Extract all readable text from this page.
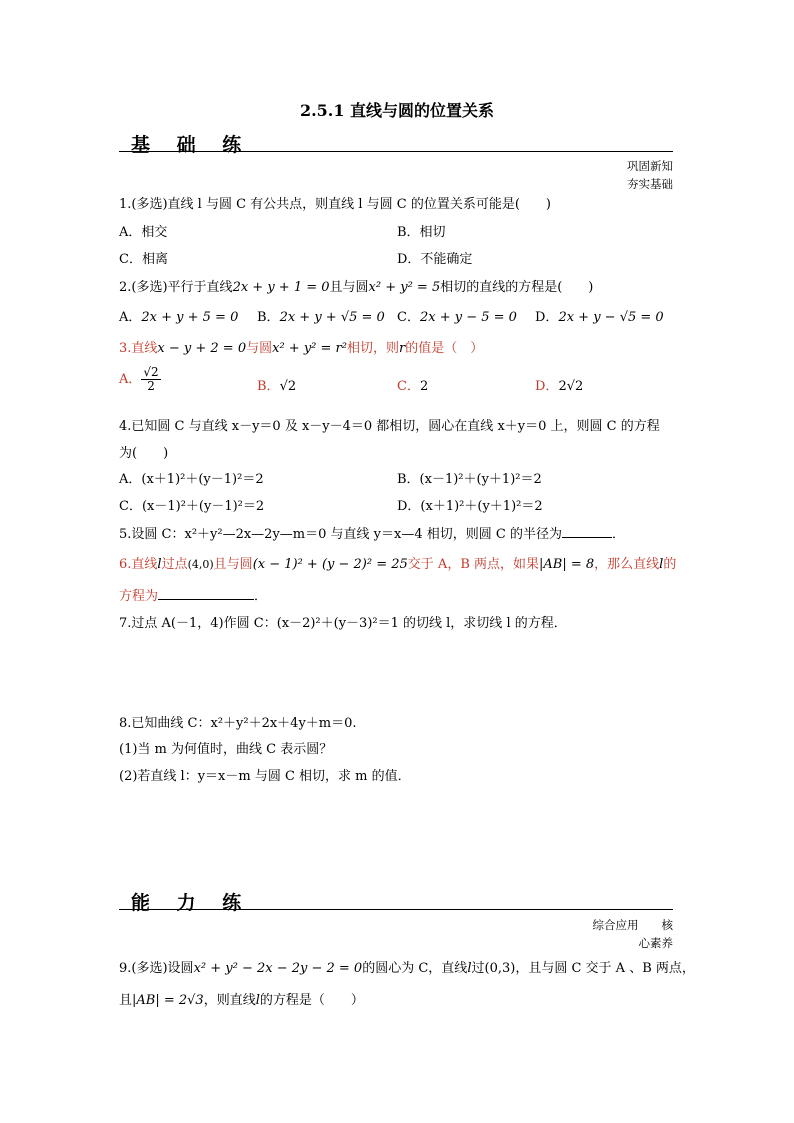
2.5.1 直线与圆的位置关系
基 础 练
巩固新知
夯实基础
1.(多选)直线 l 与圆 C 有公共点，则直线 l 与圆 C 的位置关系可能是(　　)
A．相交	B．相切
C．相离	D．不能确定
2.(多选)平行于直线2x + y + 1 = 0且与圆x² + y² = 5相切的直线的方程是(　　)
A．2x + y + 5 = 0 B．2x + y + √5 = 0 C．2x + y − 5 = 0 D．2x + y − √5 = 0
3.直线x − y + 2 = 0与圆x² + y² = r²相切，则r的值是（　）
A． $\frac{√2}{2}$	B．√2	C．2	D．2√2
4.已知圆 C 与直线 x－y＝0 及 x－y－4＝0 都相切，圆心在直线 x＋y＝0 上，则圆 C 的方程
为(　　)
A．(x＋1)²＋(y－1)²＝2	B．(x－1)²＋(y＋1)²＝2
C．(x－1)²＋(y－1)²＝2	D．(x＋1)²＋(y＋1)²＝2
5.设圆 C：x²＋y²—2x—2y—m＝0 与直线 y＝x—4 相切，则圆 C 的半径为	．
6.直线l过点(4,0)且与圆(x − 1)² + (y − 2)² = 25交于 A，B 两点，如果|AB| = 8，那么直线l的
方程为	．
7.过点 A(－1，4)作圆 C：(x－2)²＋(y－3)²＝1 的切线 l，求切线 l 的方程．
8.已知曲线 C：x²＋y²＋2x＋4y＋m＝0.
(1)当 m 为何值时，曲线 C 表示圆？
(2)若直线 l：y＝x－m 与圆 C 相切，求 m 的值．
能 力 练
综合应用　　核
心素养
9.(多选)设圆x² + y² − 2x − 2y − 2 = 0的圆心为 C，直线l过(0,3)，且与圆 C 交于 A 、B 两点，
且|AB| = 2√3，则直线l的方程是（　　）
